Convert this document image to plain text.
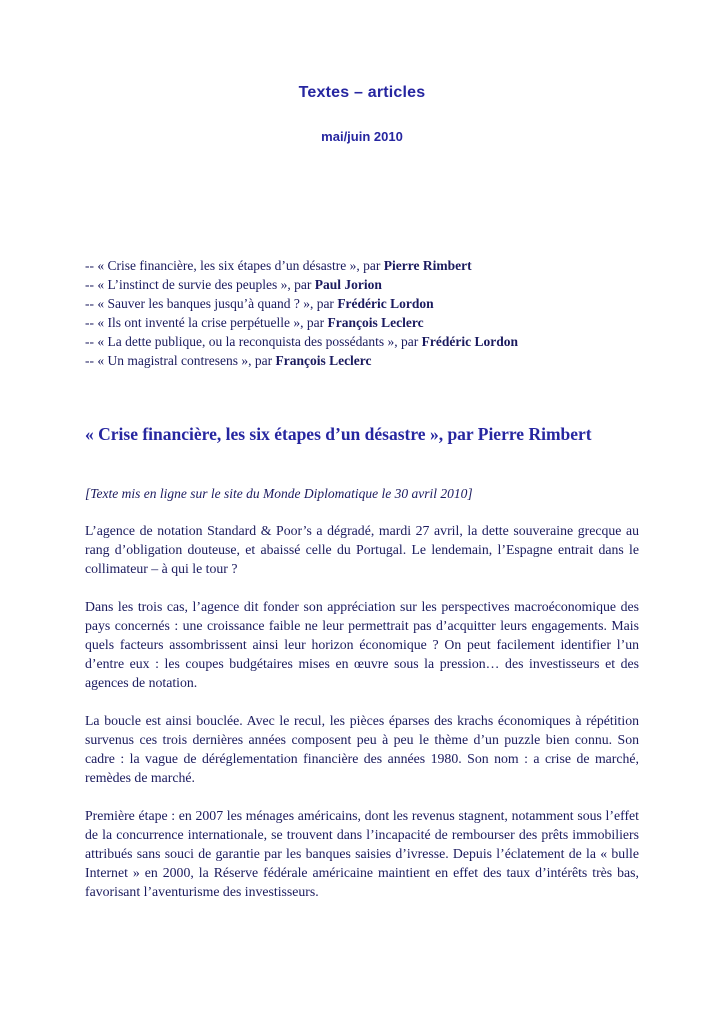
Textes – articles
mai/juin 2010
-- « Crise financière, les six étapes d’un désastre », par Pierre Rimbert
-- « L’instinct de survie des peuples », par Paul Jorion
-- « Sauver les banques jusqu’à quand ? », par Frédéric Lordon
-- « Ils ont inventé la crise perpétuelle », par François Leclerc
-- « La dette publique, ou la reconquista des possédants », par Frédéric Lordon
-- « Un magistral contresens », par François Leclerc
« Crise financière, les six étapes d’un désastre », par Pierre Rimbert

[Texte mis en ligne sur le site du Monde Diplomatique le 30 avril 2010]

L’agence de notation Standard & Poor’s a dégradé, mardi 27 avril, la dette souveraine grecque au rang d’obligation douteuse, et abaissé celle du Portugal. Le lendemain, l’Espagne entrait dans le collimateur – à qui le tour ?

Dans les trois cas, l’agence dit fonder son appréciation sur les perspectives macroéconomique des pays concernés : une croissance faible ne leur permettrait pas d’acquitter leurs engagements. Mais quels facteurs assombrissent ainsi leur horizon économique ? On peut facilement identifier l’un d’entre eux : les coupes budgétaires mises en œuvre sous la pression… des investisseurs et des agences de notation.

La boucle est ainsi bouclée. Avec le recul, les pièces éparses des krachs économiques à répétition survenus ces trois dernières années composent peu à peu le thème d’un puzzle bien connu. Son cadre : la vague de déréglementation financière des années 1980. Son nom : a crise de marché, remèdes de marché.

Première étape : en 2007 les ménages américains, dont les revenus stagnent, notamment sous l’effet de la concurrence internationale, se trouvent dans l’incapacité de rembourser des prêts immobiliers attribués sans souci de garantie par les banques saisies d’ivresse. Depuis l’éclatement de la « bulle Internet » en 2000, la Réserve fédérale américaine maintient en effet des taux d’intérêts très bas, favorisant l’aventurisme des investisseurs.
